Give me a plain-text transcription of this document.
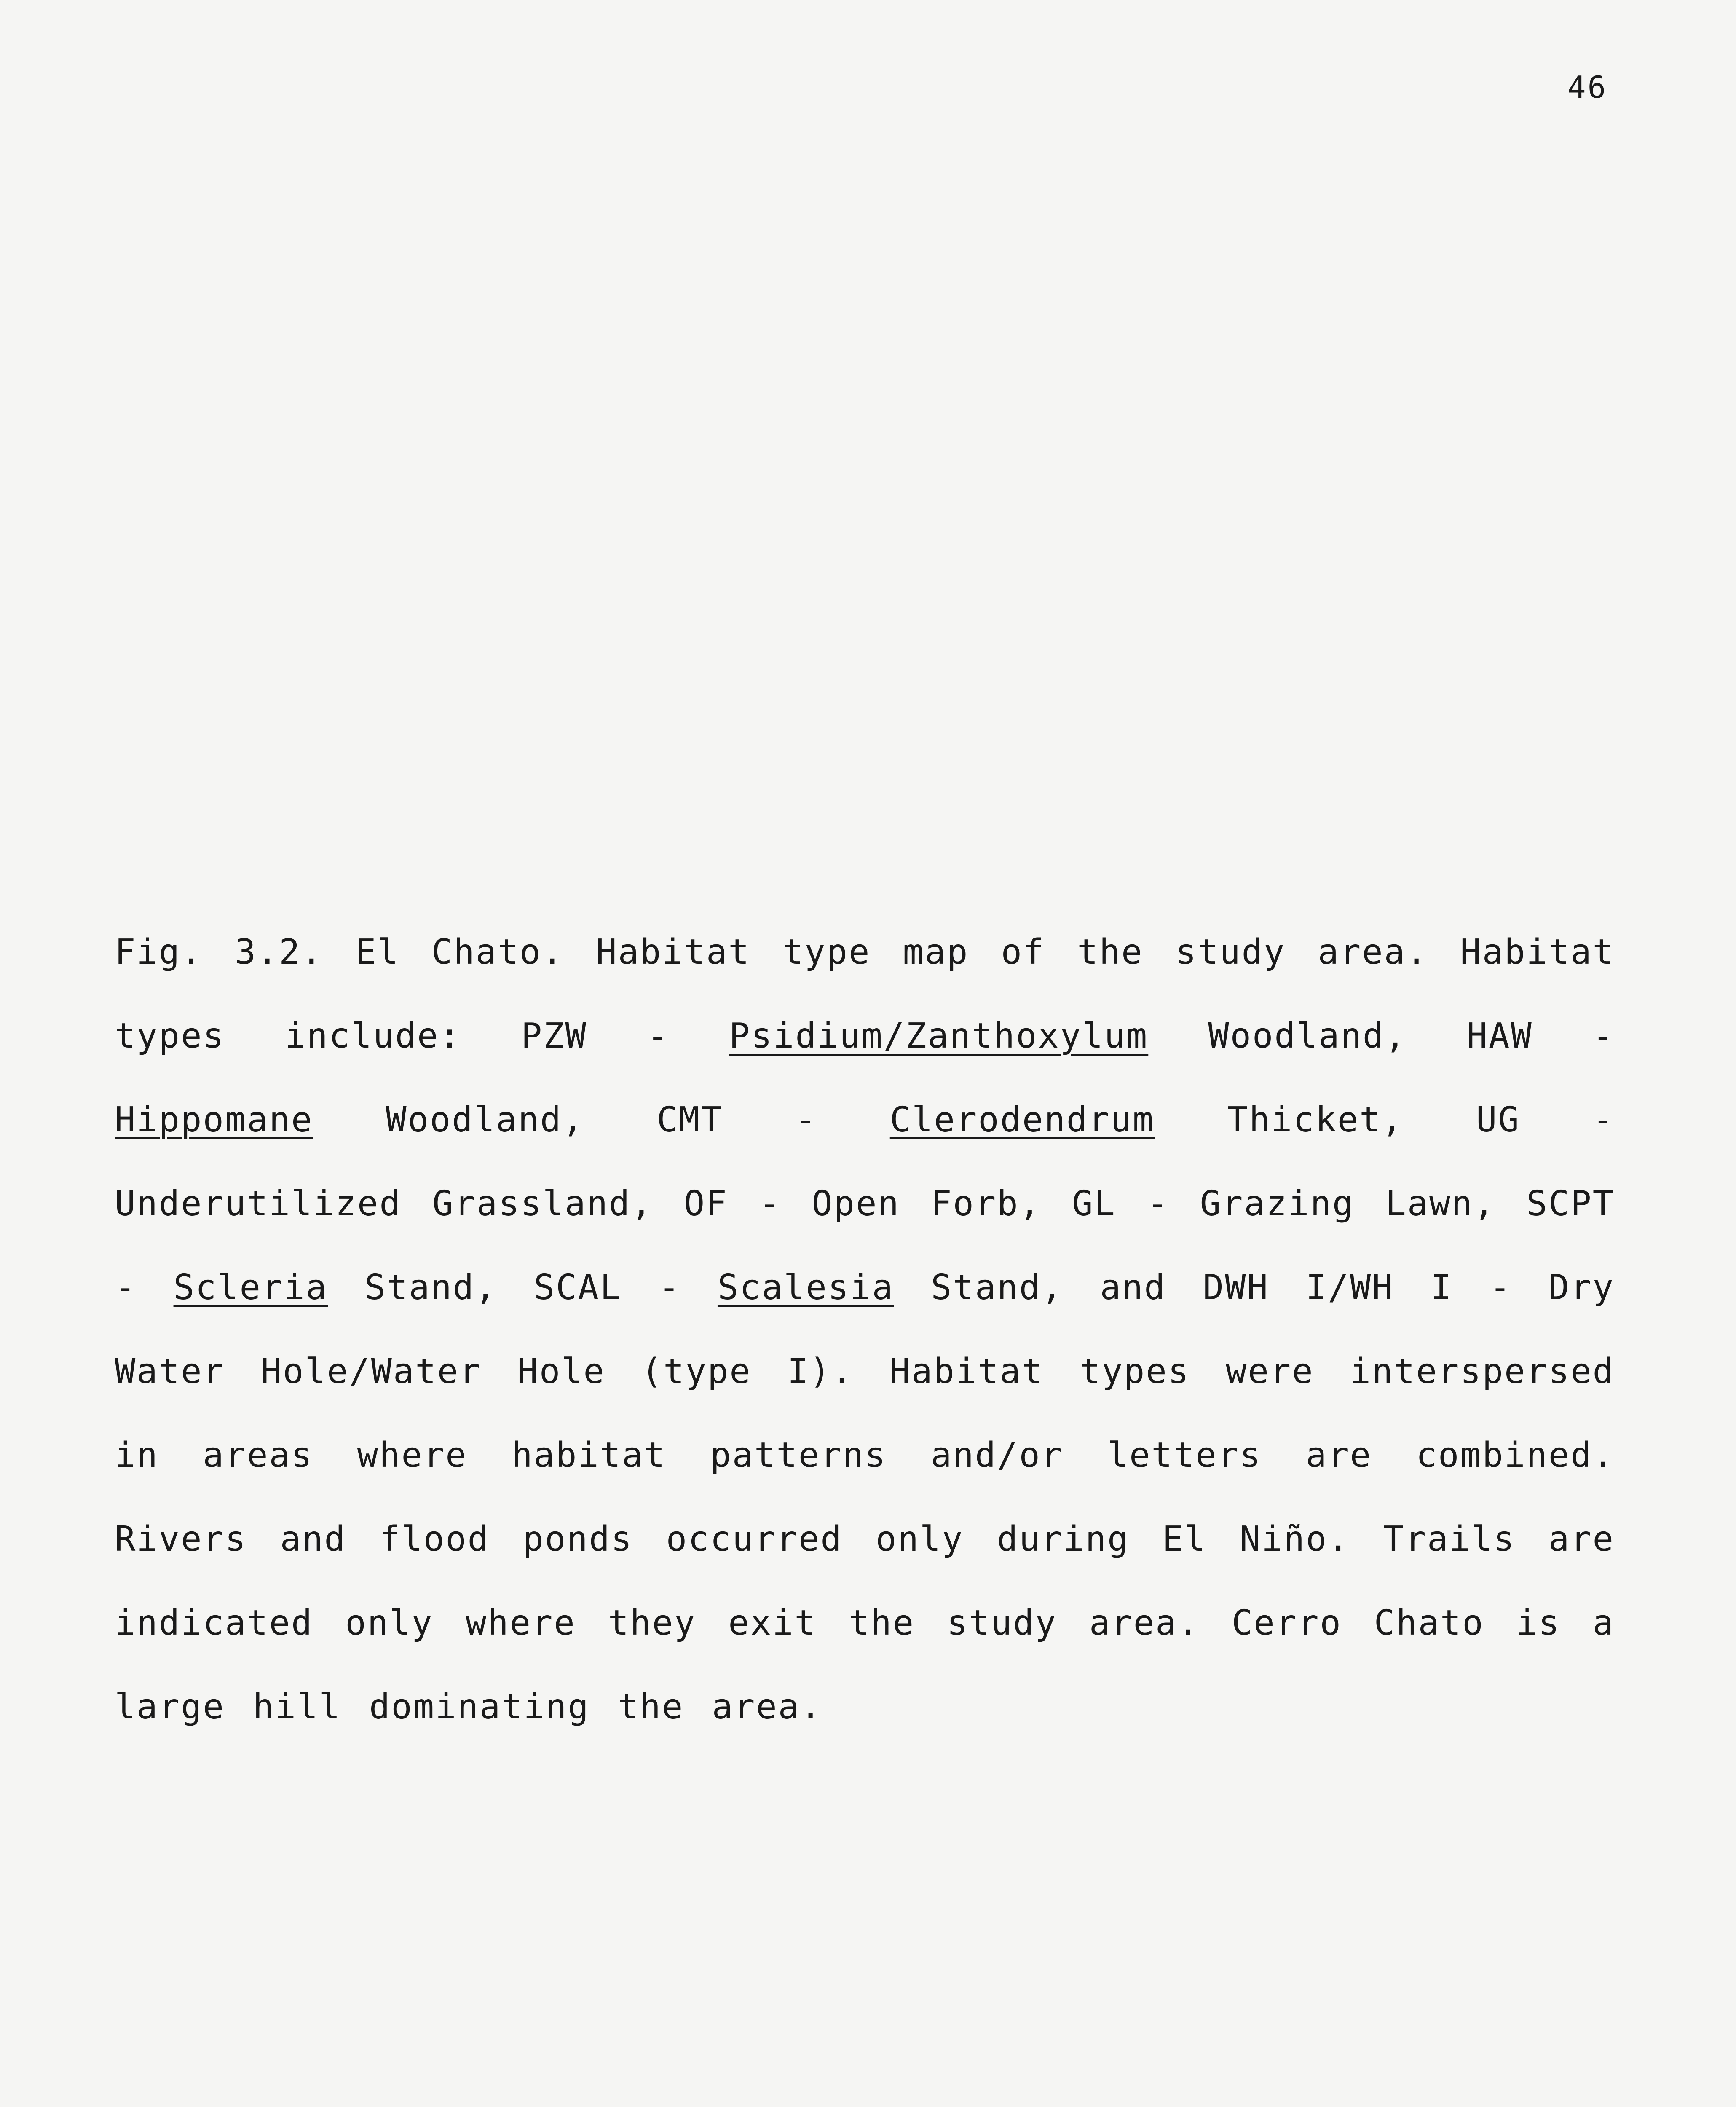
46

Fig. 3.2. El Chato. Habitat type map of the study area. Habitat types include: PZW - Psidium/Zanthoxylum Woodland, HAW - Hippomane Woodland, CMT - Clerodendrum Thicket, UG - Underutilized Grassland, OF - Open Forb, GL - Grazing Lawn, SCPT - Scleria Stand, SCAL - Scalesia Stand, and DWH I/WH I - Dry Water Hole/Water Hole (type I). Habitat types were interspersed in areas where habitat patterns and/or letters are combined. Rivers and flood ponds occurred only during El Niño. Trails are indicated only where they exit the study area. Cerro Chato is a large hill dominating the area.
